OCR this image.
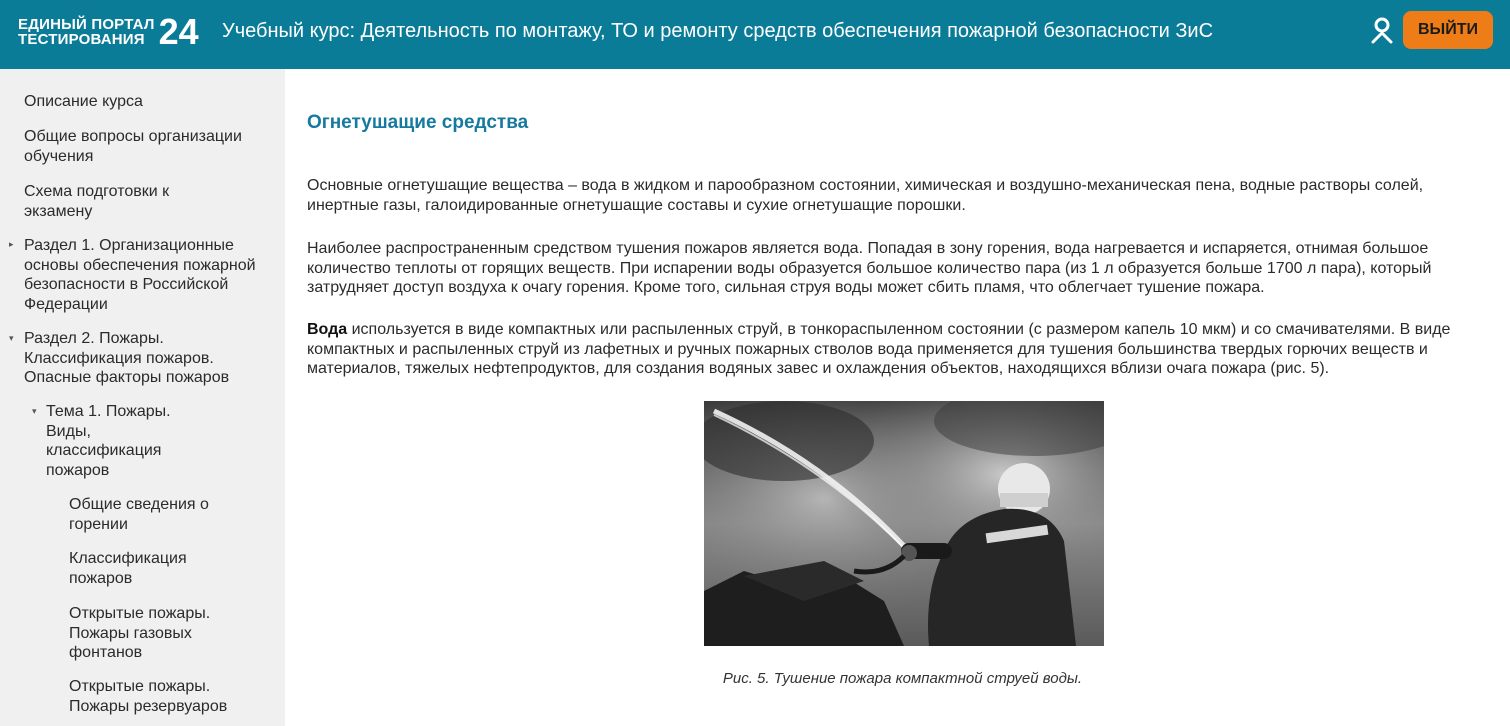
ЕДИНЫЙ ПОРТАЛ
ТЕСТИРОВАНИЯ 24 Учебный курс: Деятельность по монтажу, ТО и ремонту средств обеспечения пожарной безопасности ЗиС	ВЫЙТИ
Описание курса
Общие вопросы организации обучения
Схема подготовки к экзамену
▸ Раздел 1. Организационные основы обеспечения пожарной безопасности в Российской Федерации
▾ Раздел 2. Пожары. Классификация пожаров. Опасные факторы пожаров
▾ Тема 1. Пожары. Виды, классификация пожаров
Общие сведения о горении
Классификация пожаров
Открытые пожары. Пожары газовых фонтанов
Открытые пожары. Пожары резервуаров
Огнетушащие средства

Основные огнетушащие вещества – вода в жидком и парообразном состоянии, химическая и воздушно-механическая пена, водные растворы солей, инертные газы, галоидированные огнетушащие составы и сухие огнетушащие порошки.

Наиболее распространенным средством тушения пожаров является вода. Попадая в зону горения, вода нагревается и испаряется, отнимая большое количество теплоты от горящих веществ. При испарении воды образуется большое количество пара (из 1 л образуется больше 1700 л пара), который затрудняет доступ воздуха к очагу горения. Кроме того, сильная струя воды может сбить пламя, что облегчает тушение пожара.

Вода используется в виде компактных или распыленных струй, в тонкораспыленном состоянии (с размером капель 10 мкм) и со смачивателями. В виде компактных и распыленных струй из лафетных и ручных пожарных стволов вода применяется для тушения большинства твердых горючих веществ и материалов, тяжелых нефтепродуктов, для создания водяных завес и охлаждения объектов, находящихся вблизи очага пожара (рис. 5).

Рис. 5. Тушение пожара компактной струей воды.
